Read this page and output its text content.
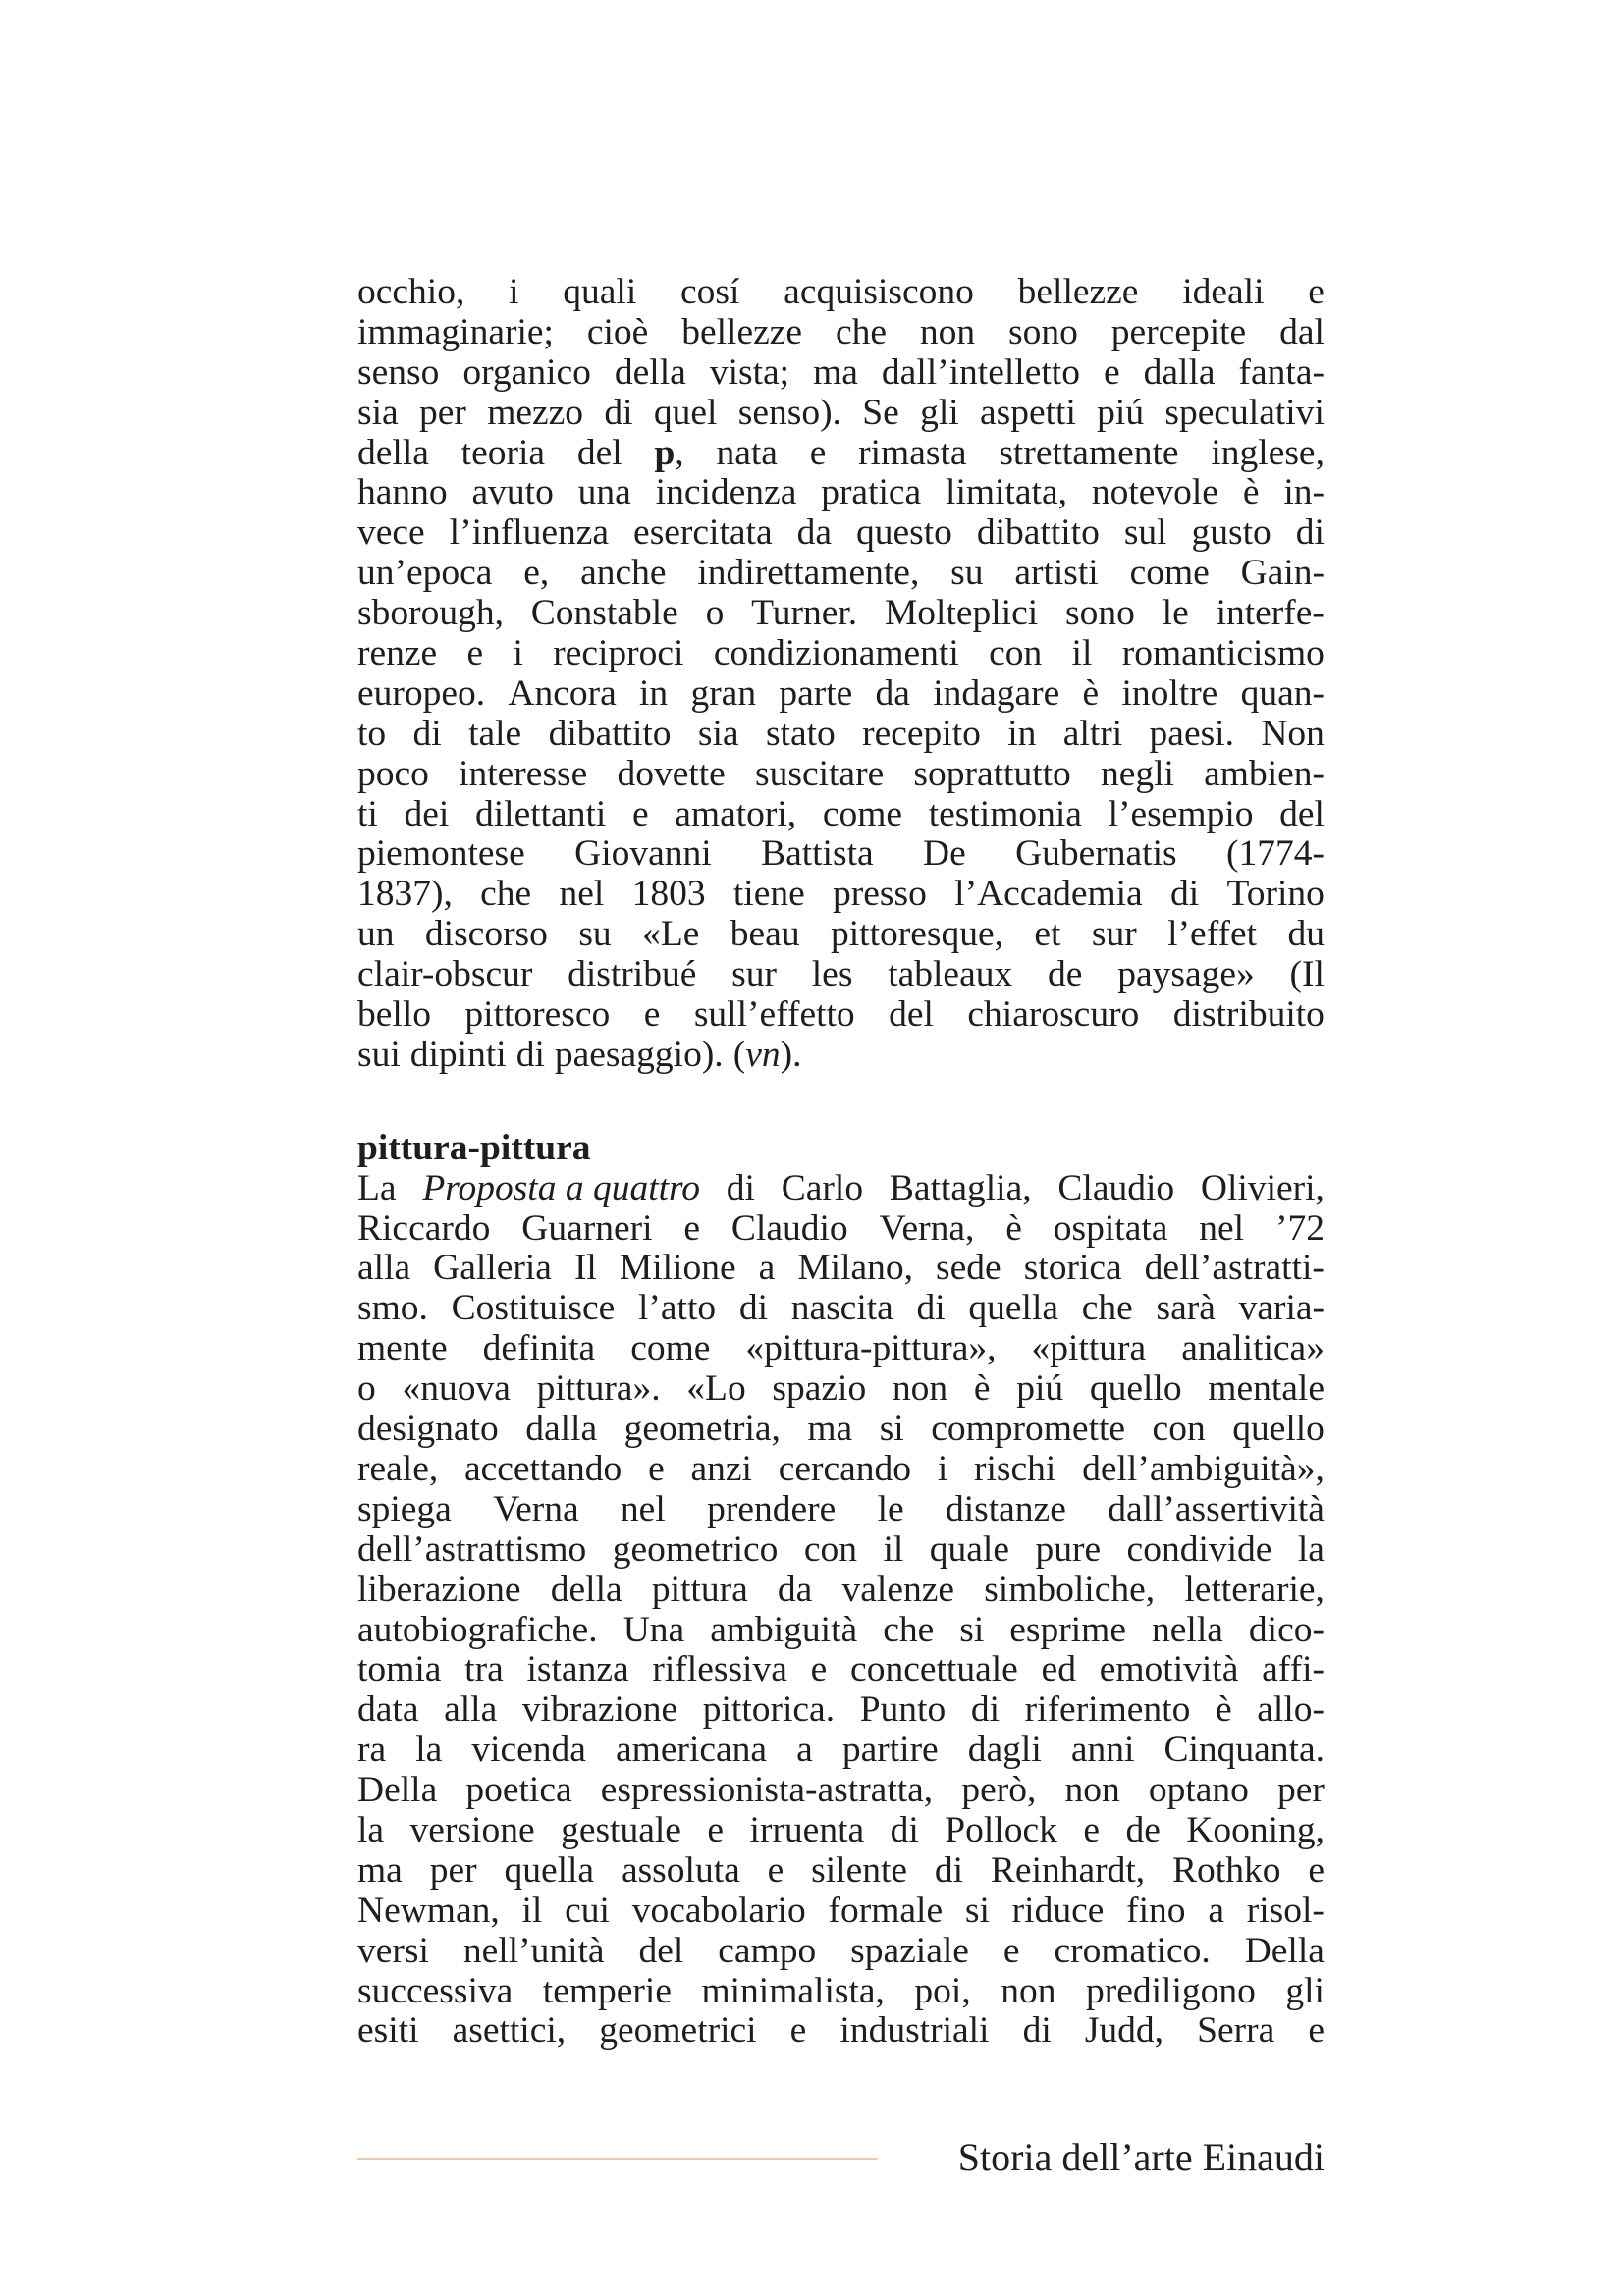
occhio, i quali cosí acquisiscono bellezze ideali e
immaginarie; cioè bellezze che non sono percepite dal
senso organico della vista; ma dall’intelletto e dalla fanta-
sia per mezzo di quel senso). Se gli aspetti piú speculativi
della teoria del p, nata e rimasta strettamente inglese,
hanno avuto una incidenza pratica limitata, notevole è in-
vece l’influenza esercitata da questo dibattito sul gusto di
un’epoca e, anche indirettamente, su artisti come Gain-
sborough, Constable o Turner. Molteplici sono le interfe-
renze e i reciproci condizionamenti con il romanticismo
europeo. Ancora in gran parte da indagare è inoltre quan-
to di tale dibattito sia stato recepito in altri paesi. Non
poco interesse dovette suscitare soprattutto negli ambien-
ti dei dilettanti e amatori, come testimonia l’esempio del
piemontese Giovanni Battista De Gubernatis (1774-
1837), che nel 1803 tiene presso l’Accademia di Torino
un discorso su «Le beau pittoresque, et sur l’effet du
clair-obscur distribué sur les tableaux de paysage» (Il
bello pittoresco e sull’effetto del chiaroscuro distribuito
sui dipinti di paesaggio). (vn).
pittura-pittura
La Proposta a quattro di Carlo Battaglia, Claudio Olivieri,
Riccardo Guarneri e Claudio Verna, è ospitata nel ’72
alla Galleria Il Milione a Milano, sede storica dell’astratti-
smo. Costituisce l’atto di nascita di quella che sarà varia-
mente definita come «pittura-pittura», «pittura analitica»
o «nuova pittura». «Lo spazio non è piú quello mentale
designato dalla geometria, ma si compromette con quello
reale, accettando e anzi cercando i rischi dell’ambiguità»,
spiega Verna nel prendere le distanze dall’assertività
dell’astrattismo geometrico con il quale pure condivide la
liberazione della pittura da valenze simboliche, letterarie,
autobiografiche. Una ambiguità che si esprime nella dico-
tomia tra istanza riflessiva e concettuale ed emotività affi-
data alla vibrazione pittorica. Punto di riferimento è allo-
ra la vicenda americana a partire dagli anni Cinquanta.
Della poetica espressionista-astratta, però, non optano per
la versione gestuale e irruenta di Pollock e de Kooning,
ma per quella assoluta e silente di Reinhardt, Rothko e
Newman, il cui vocabolario formale si riduce fino a risol-
versi nell’unità del campo spaziale e cromatico. Della
successiva temperie minimalista, poi, non prediligono gli
esiti asettici, geometrici e industriali di Judd, Serra e
Storia dell’arte Einaudi
